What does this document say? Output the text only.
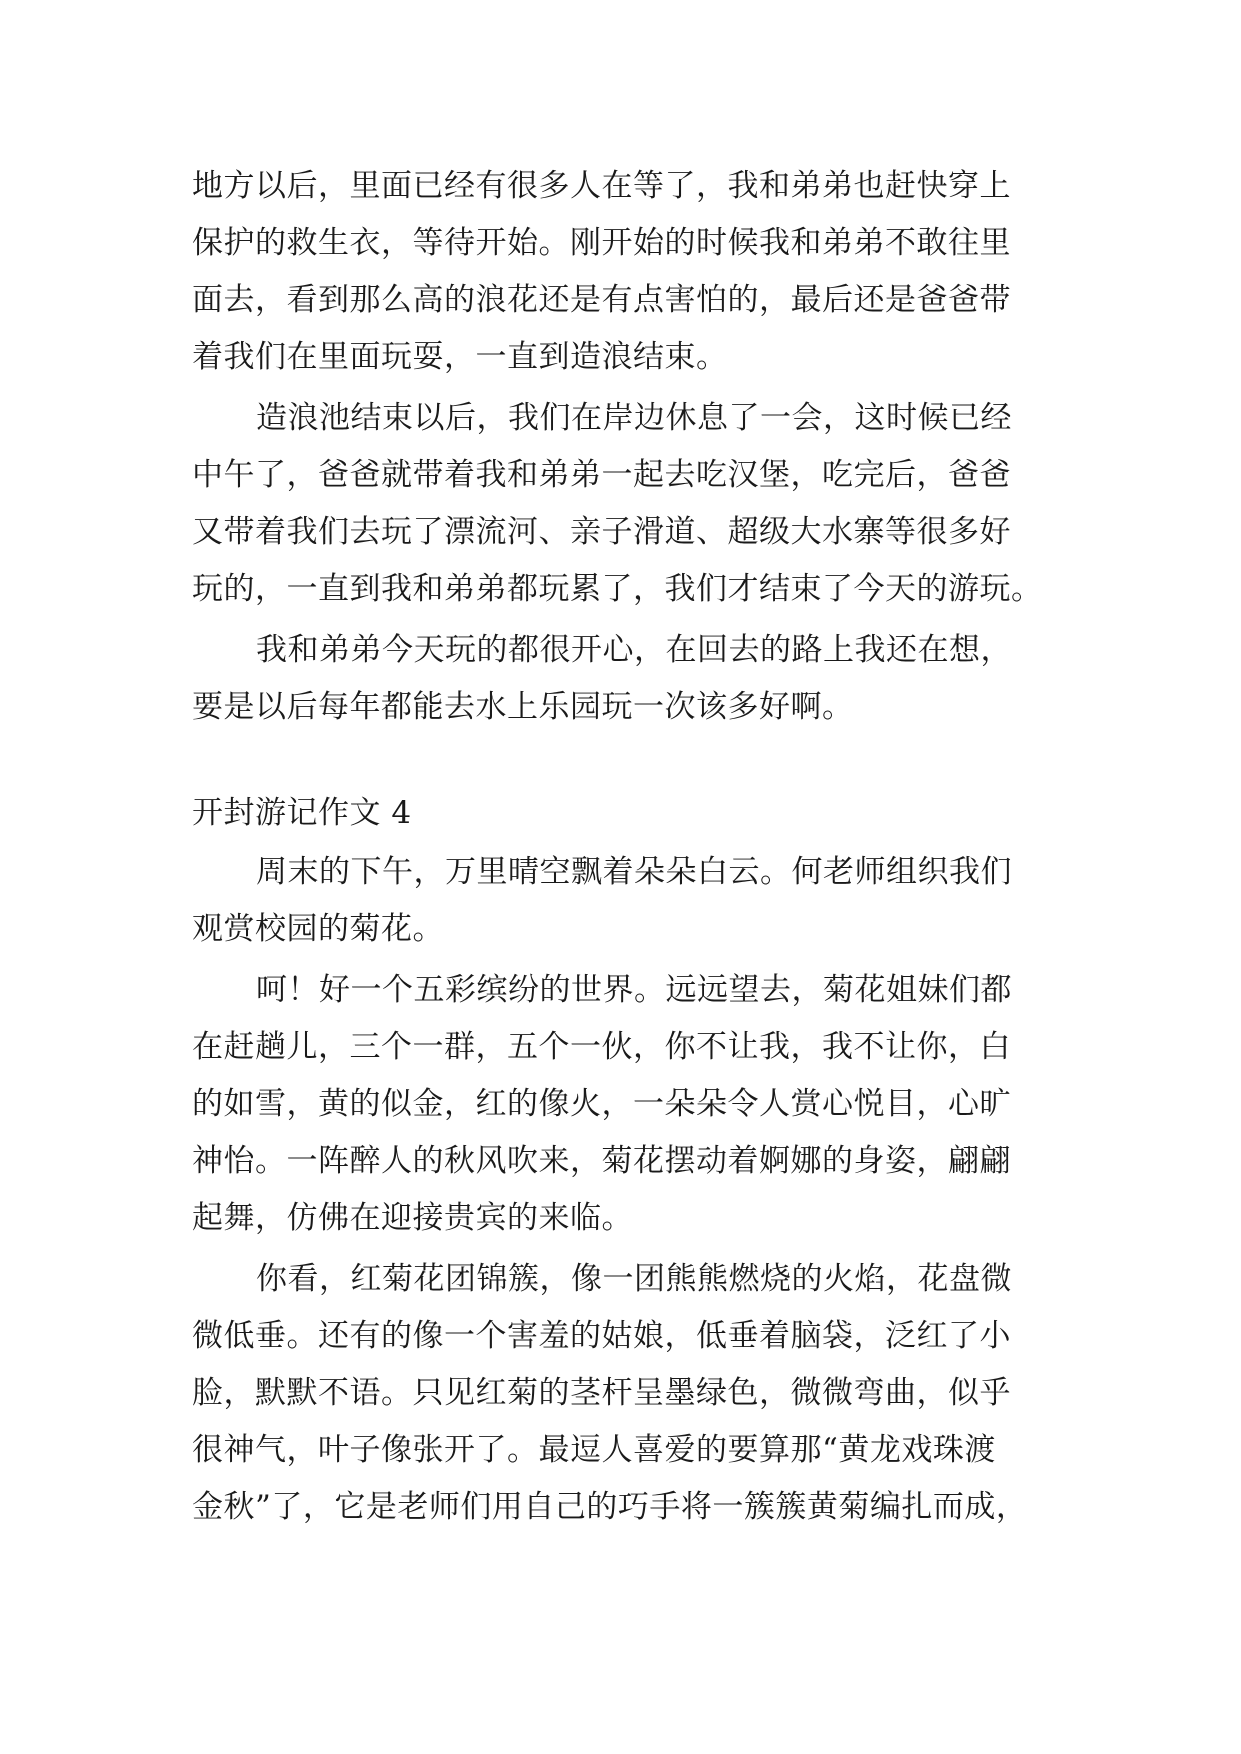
地方以后，里面已经有很多人在等了，我和弟弟也赶快穿上
保护的救生衣，等待开始。刚开始的时候我和弟弟不敢往里
面去，看到那么高的浪花还是有点害怕的，最后还是爸爸带
着我们在里面玩耍，一直到造浪结束。
造浪池结束以后，我们在岸边休息了一会，这时候已经
中午了，爸爸就带着我和弟弟一起去吃汉堡，吃完后，爸爸
又带着我们去玩了漂流河、亲子滑道、超级大水寨等很多好
玩的，一直到我和弟弟都玩累了，我们才结束了今天的游玩。
我和弟弟今天玩的都很开心，在回去的路上我还在想，
要是以后每年都能去水上乐园玩一次该多好啊。
开封游记作文 4
周末的下午，万里晴空飘着朵朵白云。何老师组织我们
观赏校园的菊花。
呵！好一个五彩缤纷的世界。远远望去，菊花姐妹们都
在赶趟儿，三个一群，五个一伙，你不让我，我不让你，白
的如雪，黄的似金，红的像火，一朵朵令人赏心悦目，心旷
神怡。一阵醉人的秋风吹来，菊花摆动着婀娜的身姿，翩翩
起舞，仿佛在迎接贵宾的来临。
你看，红菊花团锦簇，像一团熊熊燃烧的火焰，花盘微
微低垂。还有的像一个害羞的姑娘，低垂着脑袋，泛红了小
脸，默默不语。只见红菊的茎杆呈墨绿色，微微弯曲，似乎
很神气，叶子像张开了。最逗人喜爱的要算那“黄龙戏珠渡
金秋”了，它是老师们用自己的巧手将一簇簇黄菊编扎而成，
